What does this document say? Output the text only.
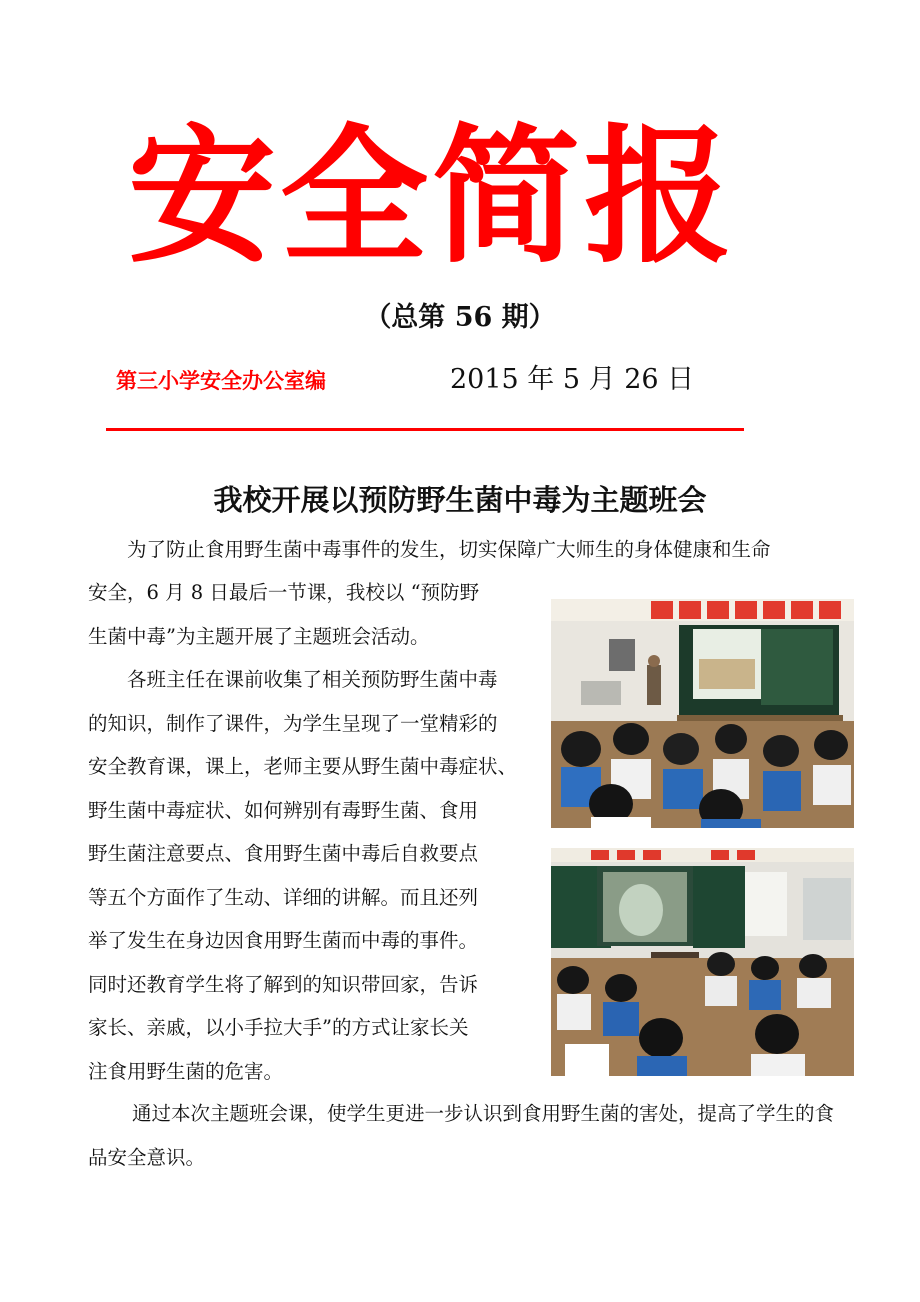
安全简报
（总第 56 期）
第三小学安全办公室编	2015 年 5 月 26 日
我校开展以预防野生菌中毒为主题班会

为了防止食用野生菌中毒事件的发生，切实保障广大师生的身体健康和生命

安全，6 月 8 日最后一节课，我校以 “预防野
生菌中毒”为主题开展了主题班会活动。
各班主任在课前收集了相关预防野生菌中毒
的知识，制作了课件，为学生呈现了一堂精彩的
安全教育课，课上，老师主要从野生菌中毒症状、
野生菌中毒症状、如何辨别有毒野生菌、食用
野生菌注意要点、食用野生菌中毒后自救要点
等五个方面作了生动、详细的讲解。而且还列
举了发生在身边因食用野生菌而中毒的事件。
同时还教育学生将了解到的知识带回家，告诉
家长、亲戚，以小手拉大手”的方式让家长关
注食用野生菌的危害。

通过本次主题班会课，使学生更进一步认识到食用野生菌的害处，提高了学生的食品安全意识。
